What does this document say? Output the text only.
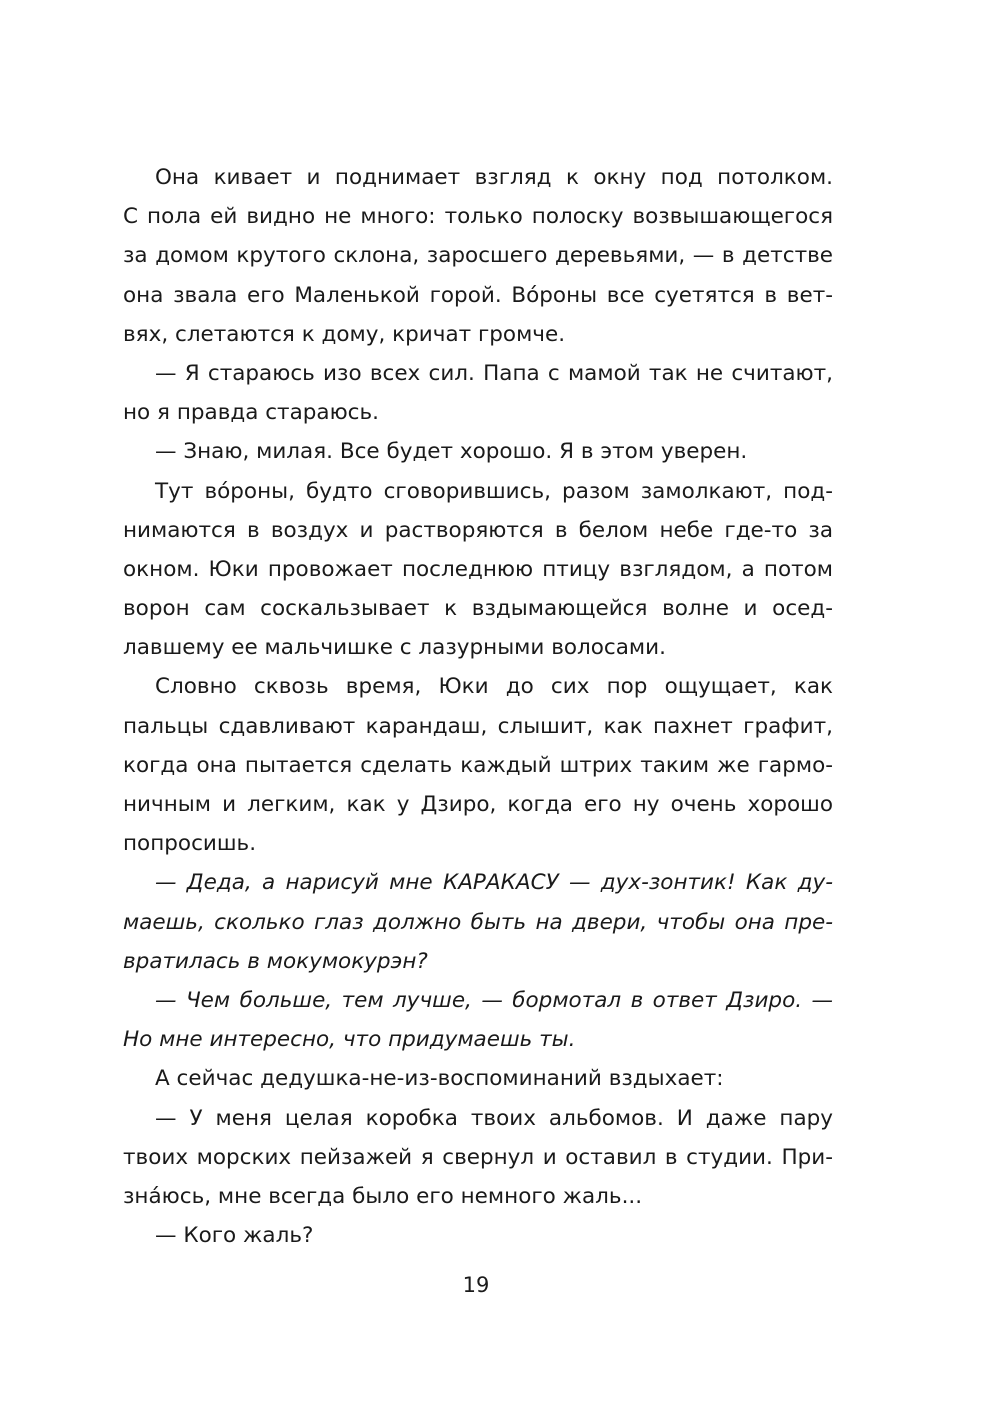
Она кивает и поднимает взгляд к окну под потолком.
С пола ей видно не много: только полоску возвышающегося
за домом крутого склона, заросшего деревьями, — в детстве
она звала его Маленькой горой. Во́роны все суетятся в вет-
вях, слетаются к дому, кричат громче.
— Я стараюсь изо всех сил. Папа с мамой так не считают,
но я правда стараюсь.
— Знаю, милая. Все будет хорошо. Я в этом уверен.
Тут во́роны, будто сговорившись, разом замолкают, под-
нимаются в воздух и растворяются в белом небе где-то за
окном. Юки провожает последнюю птицу взглядом, а потом
ворон сам соскальзывает к вздымающейся волне и осед-
лавшему ее мальчишке с лазурными волосами.
Словно сквозь время, Юки до сих пор ощущает, как
пальцы сдавливают карандаш, слышит, как пахнет графит,
когда она пытается сделать каждый штрих таким же гармо-
ничным и легким, как у Дзиро, когда его ну очень хорошо
попросишь.
— Деда, а нарисуй мне КАРАКАСУ — дух-зонтик! Как ду-
маешь, сколько глаз должно быть на двери, чтобы она пре-
вратилась в мокумокурэн?
— Чем больше, тем лучше, — бормотал в ответ Дзиро. —
Но мне интересно, что придумаешь ты.
А сейчас дедушка-не-из-воспоминаний вздыхает:
— У меня целая коробка твоих альбомов. И даже пару
твоих морских пейзажей я свернул и оставил в студии. При-
зна́юсь, мне всегда было его немного жаль...
— Кого жаль?
19
